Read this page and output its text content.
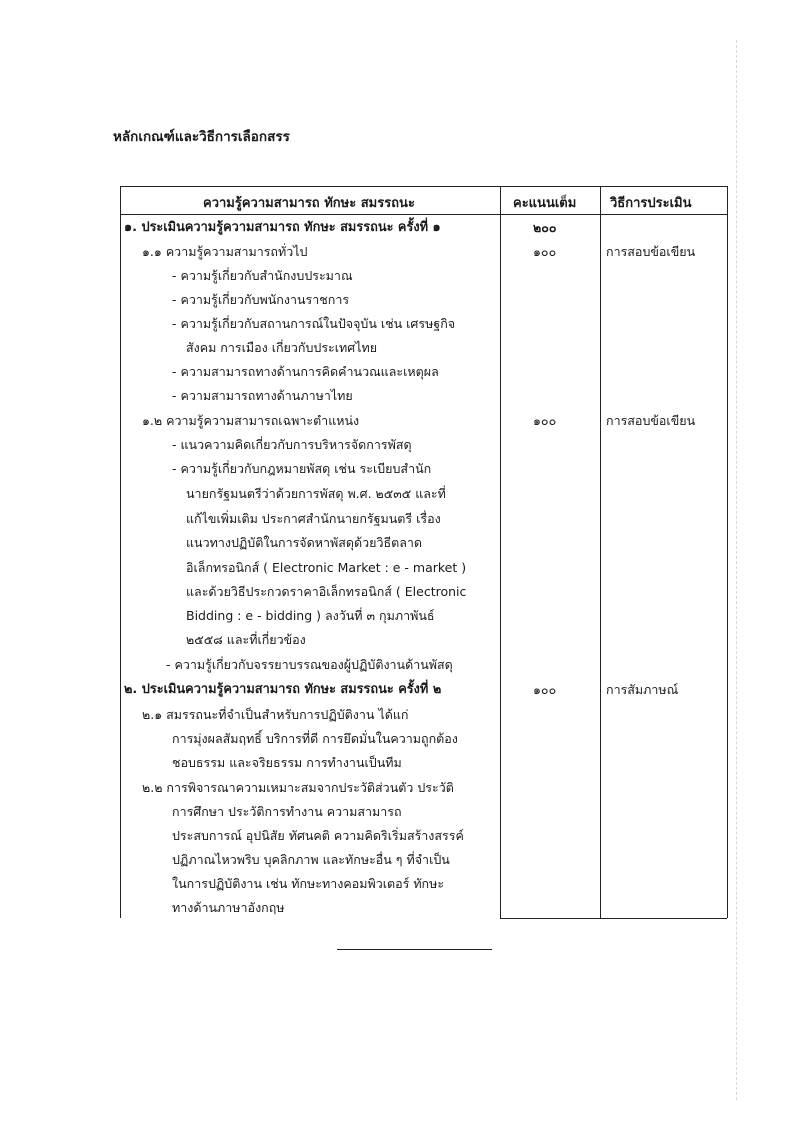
หลักเกณฑ์และวิธีการเลือกสรร
ความรู้ความสามารถ ทักษะ สมรรถนะ	คะแนนเต็ม	วิธีการประเมิน
๑. ประเมินความรู้ความสามารถ ทักษะ สมรรถนะ ครั้งที่ ๑
๑.๑ ความรู้ความสามารถทั่วไป
- ความรู้เกี่ยวกับสำนักงบประมาณ
- ความรู้เกี่ยวกับพนักงานราชการ
- ความรู้เกี่ยวกับสถานการณ์ในปัจจุบัน เช่น เศรษฐกิจ
สังคม การเมือง เกี่ยวกับประเทศไทย
- ความสามารถทางด้านการคิดคำนวณและเหตุผล
- ความสามารถทางด้านภาษาไทย
๑.๒ ความรู้ความสามารถเฉพาะตำแหน่ง
- แนวความคิดเกี่ยวกับการบริหารจัดการพัสดุ
- ความรู้เกี่ยวกับกฎหมายพัสดุ เช่น ระเบียบสำนัก
นายกรัฐมนตรีว่าด้วยการพัสดุ พ.ศ. ๒๕๓๕ และที่
แก้ไขเพิ่มเติม ประกาศสำนักนายกรัฐมนตรี เรื่อง
แนวทางปฏิบัติในการจัดหาพัสดุด้วยวิธีตลาด
อิเล็กทรอนิกส์ ( Electronic Market : e - market )
และด้วยวิธีประกวดราคาอิเล็กทรอนิกส์ ( Electronic
Bidding : e - bidding ) ลงวันที่ ๓ กุมภาพันธ์
๒๕๕๘ และที่เกี่ยวข้อง
- ความรู้เกี่ยวกับจรรยาบรรณของผู้ปฏิบัติงานด้านพัสดุ
๒. ประเมินความรู้ความสามารถ ทักษะ สมรรถนะ ครั้งที่ ๒
๒.๑ สมรรถนะที่จำเป็นสำหรับการปฏิบัติงาน ได้แก่
การมุ่งผลสัมฤทธิ์ บริการที่ดี การยึดมั่นในความถูกต้อง
ชอบธรรม และจริยธรรม การทำงานเป็นทีม
๒.๒ การพิจารณาความเหมาะสมจากประวัติส่วนตัว ประวัติ
การศึกษา ประวัติการทำงาน ความสามารถ
ประสบการณ์ อุปนิสัย ทัศนคติ ความคิดริเริ่มสร้างสรรค์
ปฏิภาณไหวพริบ บุคลิกภาพ และทักษะอื่น ๆ ที่จำเป็น
ในการปฏิบัติงาน เช่น ทักษะทางคอมพิวเตอร์ ทักษะ
ทางด้านภาษาอังกฤษ
๒๐๐
๑๐๐
๑๐๐
๑๐๐
การสอบข้อเขียน
การสอบข้อเขียน
การสัมภาษณ์
